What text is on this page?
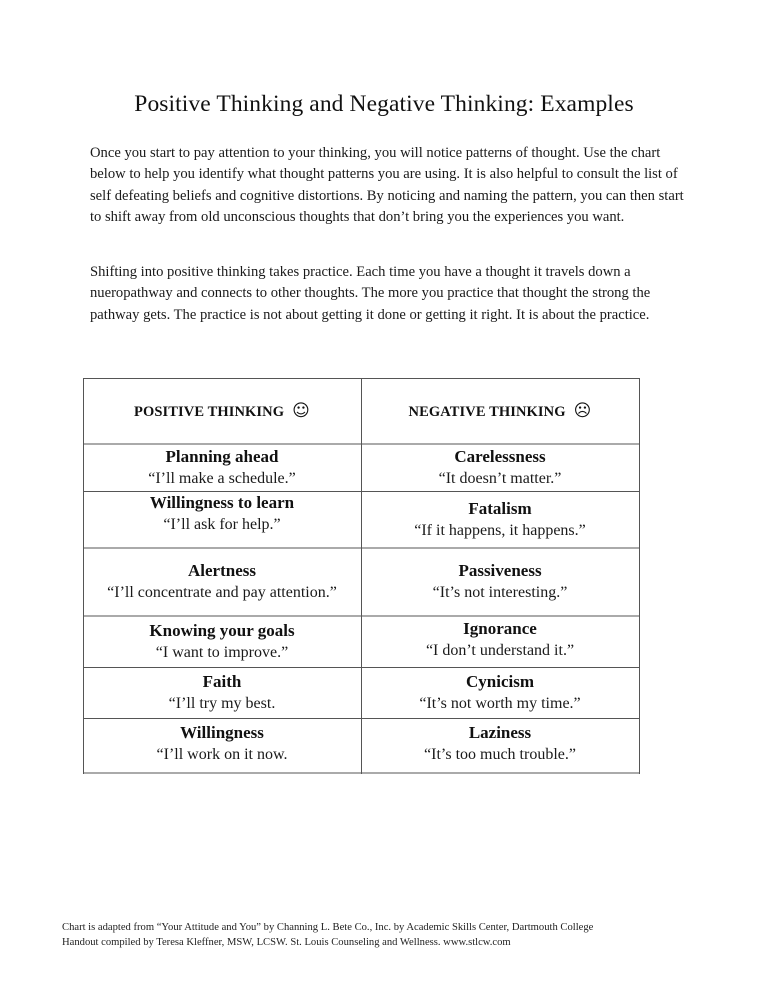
Positive Thinking and Negative Thinking: Examples

Once you start to pay attention to your thinking, you will notice patterns of thought. Use the chart below to help you identify what thought patterns you are using. It is also helpful to consult the list of self defeating beliefs and cognitive distortions. By noticing and naming the pattern, you can then start to shift away from old unconscious thoughts that don’t bring you the experiences you want.

Shifting into positive thinking takes practice. Each time you have a thought it travels down a nueropathway and connects to other thoughts. The more you practice that thought the strong the pathway gets. The practice is not about getting it done or getting it right. It is about the practice.

POSITIVE THINKING ☺	NEGATIVE THINKING ☹
Planning ahead
“I’ll make a schedule.”
Carelessness
“It doesn’t matter.”
Willingness to learn
“I’ll ask for help.”
Fatalism
“If it happens, it happens.”
Alertness
“I’ll concentrate and pay attention.”
Passiveness
“It’s not interesting.”
Knowing your goals
“I want to improve.”
Ignorance
“I don’t understand it.”
Faith
“I’ll try my best.
Cynicism
“It’s not worth my time.”
Willingness
“I’ll work on it now.
Laziness
“It’s too much trouble.”
Chart is adapted from “Your Attitude and You” by Channing L. Bete Co., Inc. by Academic Skills Center, Dartmouth College
Handout compiled by Teresa Kleffner, MSW, LCSW. St. Louis Counseling and Wellness. www.stlcw.com
